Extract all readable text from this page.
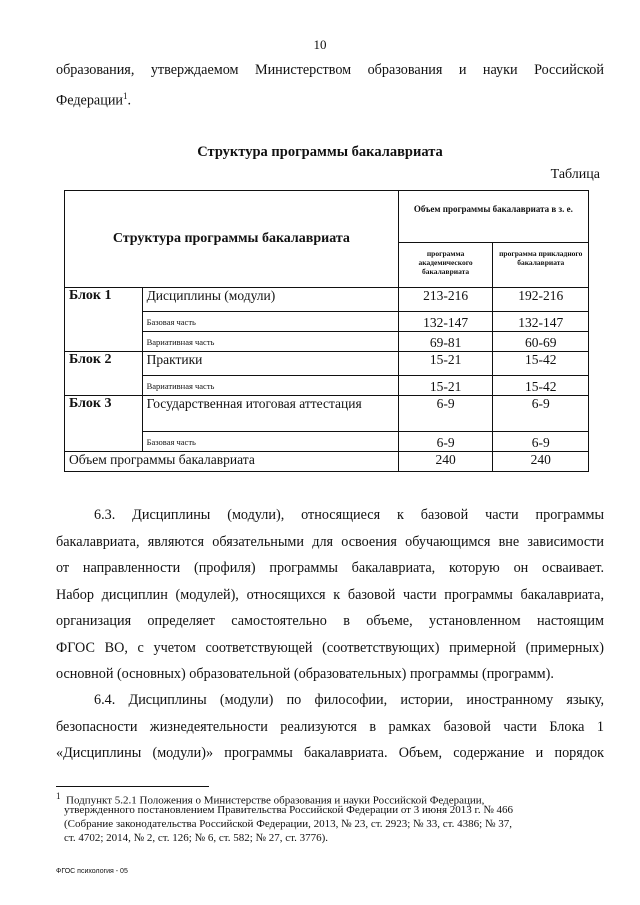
10
образования, утверждаемом Министерством образования и науки Российской
Федерации$^1$.
Структура программы бакалавриата
Таблица
Структура программы бакалавриата		Объем программы бакалавриата в з. е.	
		программа академического бакалавриата	программа прикладного бакалавриата
Блок 1	Дисциплины (модули)	213-216	192-216
	Базовая часть	132-147	132-147
	Вариативная часть	69-81	60-69
Блок 2	Практики	15-21	15-42
	Вариативная часть	15-21	15-42
Блок 3	Государственная итоговая аттестация	6-9	6-9
	Базовая часть	6-9	6-9
Объем программы бакалавриата		240	240
6.3. Дисциплины (модули), относящиеся к базовой части программы
бакалавриата, являются обязательными для освоения обучающимся вне зависимости
от направленности (профиля) программы бакалавриата, которую он осваивает.
Набор дисциплин (модулей), относящихся к базовой части программы бакалавриата,
организация определяет самостоятельно в объеме, установленном настоящим
ФГОС ВО, с учетом соответствующей (соответствующих) примерной (примерных)
основной (основных) образовательной (образовательных) программы (программ).
6.4. Дисциплины (модули) по философии, истории, иностранному языку,
безопасности жизнедеятельности реализуются в рамках базовой части Блока 1
«Дисциплины (модули)» программы бакалавриата. Объем, содержание и порядок
$^1$ Подпункт 5.2.1 Положения о Министерстве образования и науки Российской Федерации,
утвержденного постановлением Правительства Российской Федерации от 3 июня 2013 г. № 466
(Собрание законодательства Российской Федерации, 2013, № 23, ст. 2923; № 33, ст. 4386; № 37,
ст. 4702; 2014, № 2, ст. 126; № 6, ст. 582; № 27, ст. 3776).
ФГОС психология - 05
